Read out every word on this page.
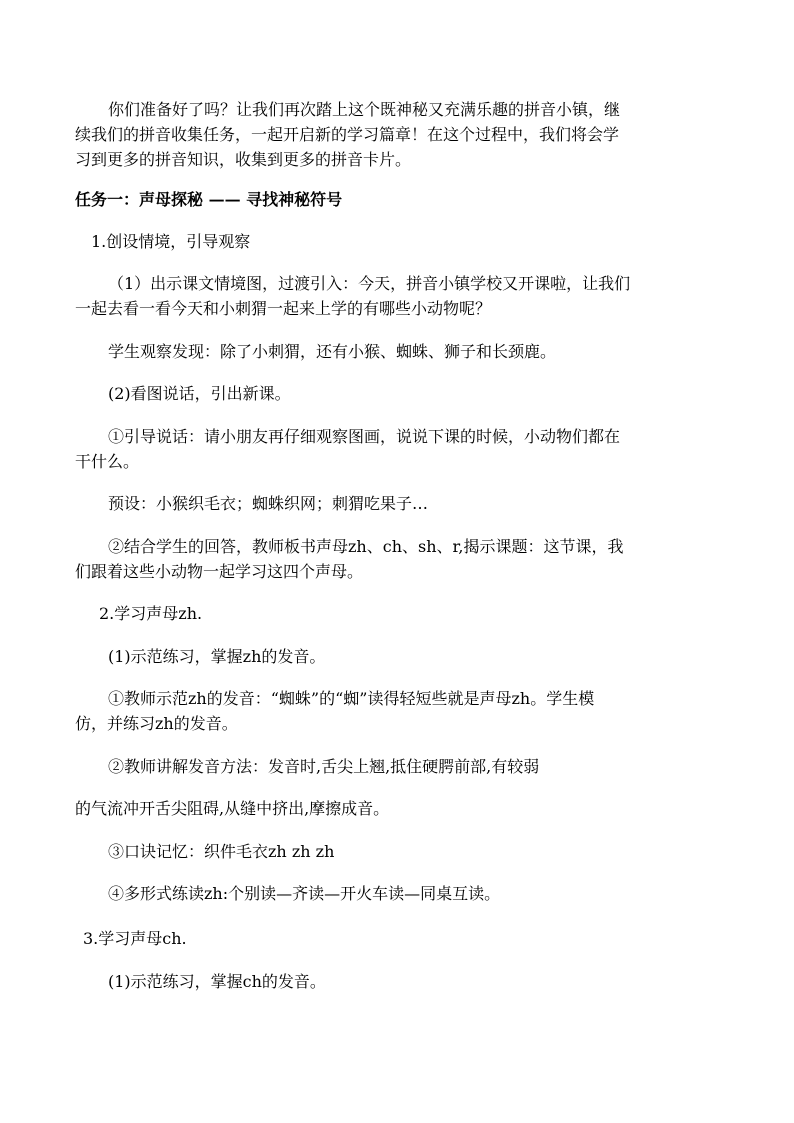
你们准备好了吗？让我们再次踏上这个既神秘又充满乐趣的拼音小镇，继
续我们的拼音收集任务，一起开启新的学习篇章！在这个过程中，我们将会学
习到更多的拼音知识，收集到更多的拼音卡片。
任务一：声母探秘 —— 寻找神秘符号
1.创设情境，引导观察
（1）出示课文情境图，过渡引入：今天，拼音小镇学校又开课啦，让我们
一起去看一看今天和小刺猬一起来上学的有哪些小动物呢？
学生观察发现：除了小刺猬，还有小猴、蜘蛛、狮子和长颈鹿。
(2)看图说话，引出新课。
①引导说话：请小朋友再仔细观察图画，说说下课的时候，小动物们都在
干什么。
预设：小猴织毛衣；蜘蛛织网；刺猬吃果子…
②结合学生的回答，教师板书声母zh、ch、sh、r,揭示课题：这节课，我
们跟着这些小动物一起学习这四个声母。
2.学习声母zh.
(1)示范练习，掌握zh的发音。
①教师示范zh的发音：“蜘蛛”的“蜘”读得轻短些就是声母zh。学生模
仿，并练习zh的发音。
②教师讲解发音方法：发音时,舌尖上翘,抵住硬腭前部,有较弱
的气流冲开舌尖阻碍,从缝中挤出,摩擦成音。
③口诀记忆：织件毛衣zh zh zh
④多形式练读zh:个别读—齐读—开火车读—同桌互读。
3.学习声母ch.
(1)示范练习，掌握ch的发音。
